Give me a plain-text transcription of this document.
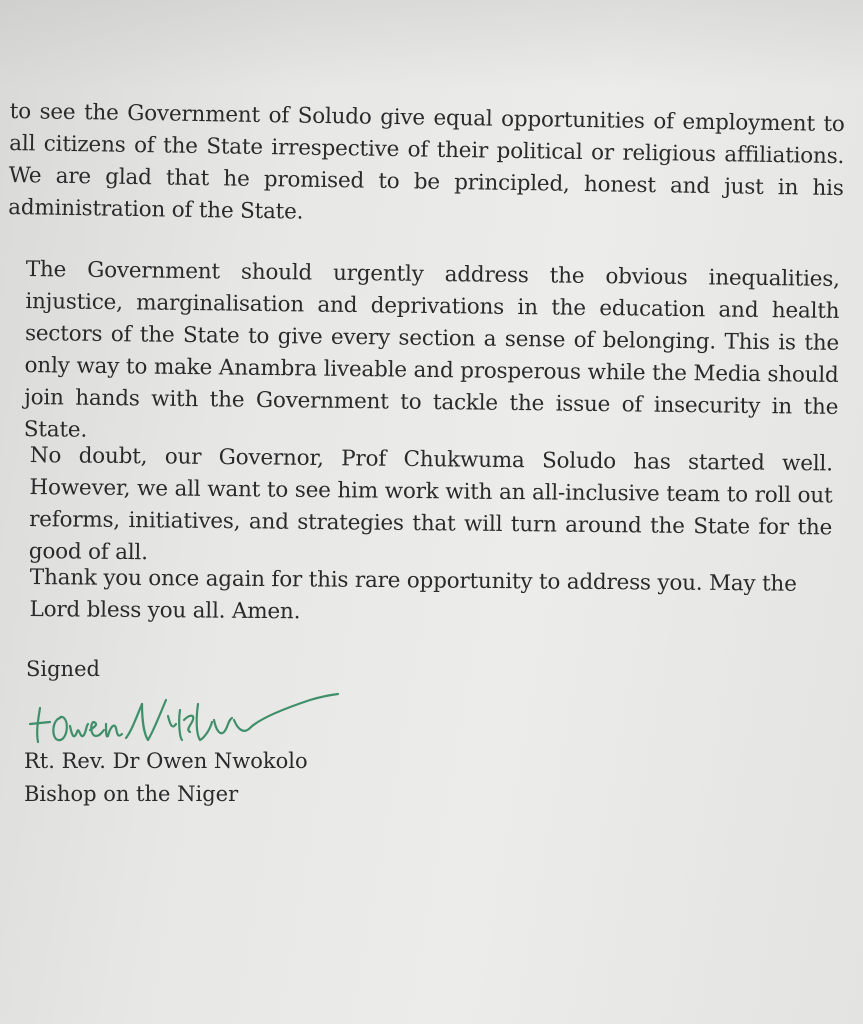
to see the Government of Soludo give equal opportunities of employment to all citizens of the State irrespective of their political or religious affiliations. We are glad that he promised to be principled, honest and just in his administration of the State.

The Government should urgently address the obvious inequalities, injustice, marginalisation and deprivations in the education and health sectors of the State to give every section a sense of belonging. This is the only way to make Anambra liveable and prosperous while the Media should join hands with the Government to tackle the issue of insecurity in the State.

No doubt, our Governor, Prof Chukwuma Soludo has started well. However, we all want to see him work with an all-inclusive team to roll out reforms, initiatives, and strategies that will turn around the State for the good of all.

Thank you once again for this rare opportunity to address you. May the Lord bless you all. Amen.

Signed

Rt. Rev. Dr Owen Nwokolo

Bishop on the Niger
